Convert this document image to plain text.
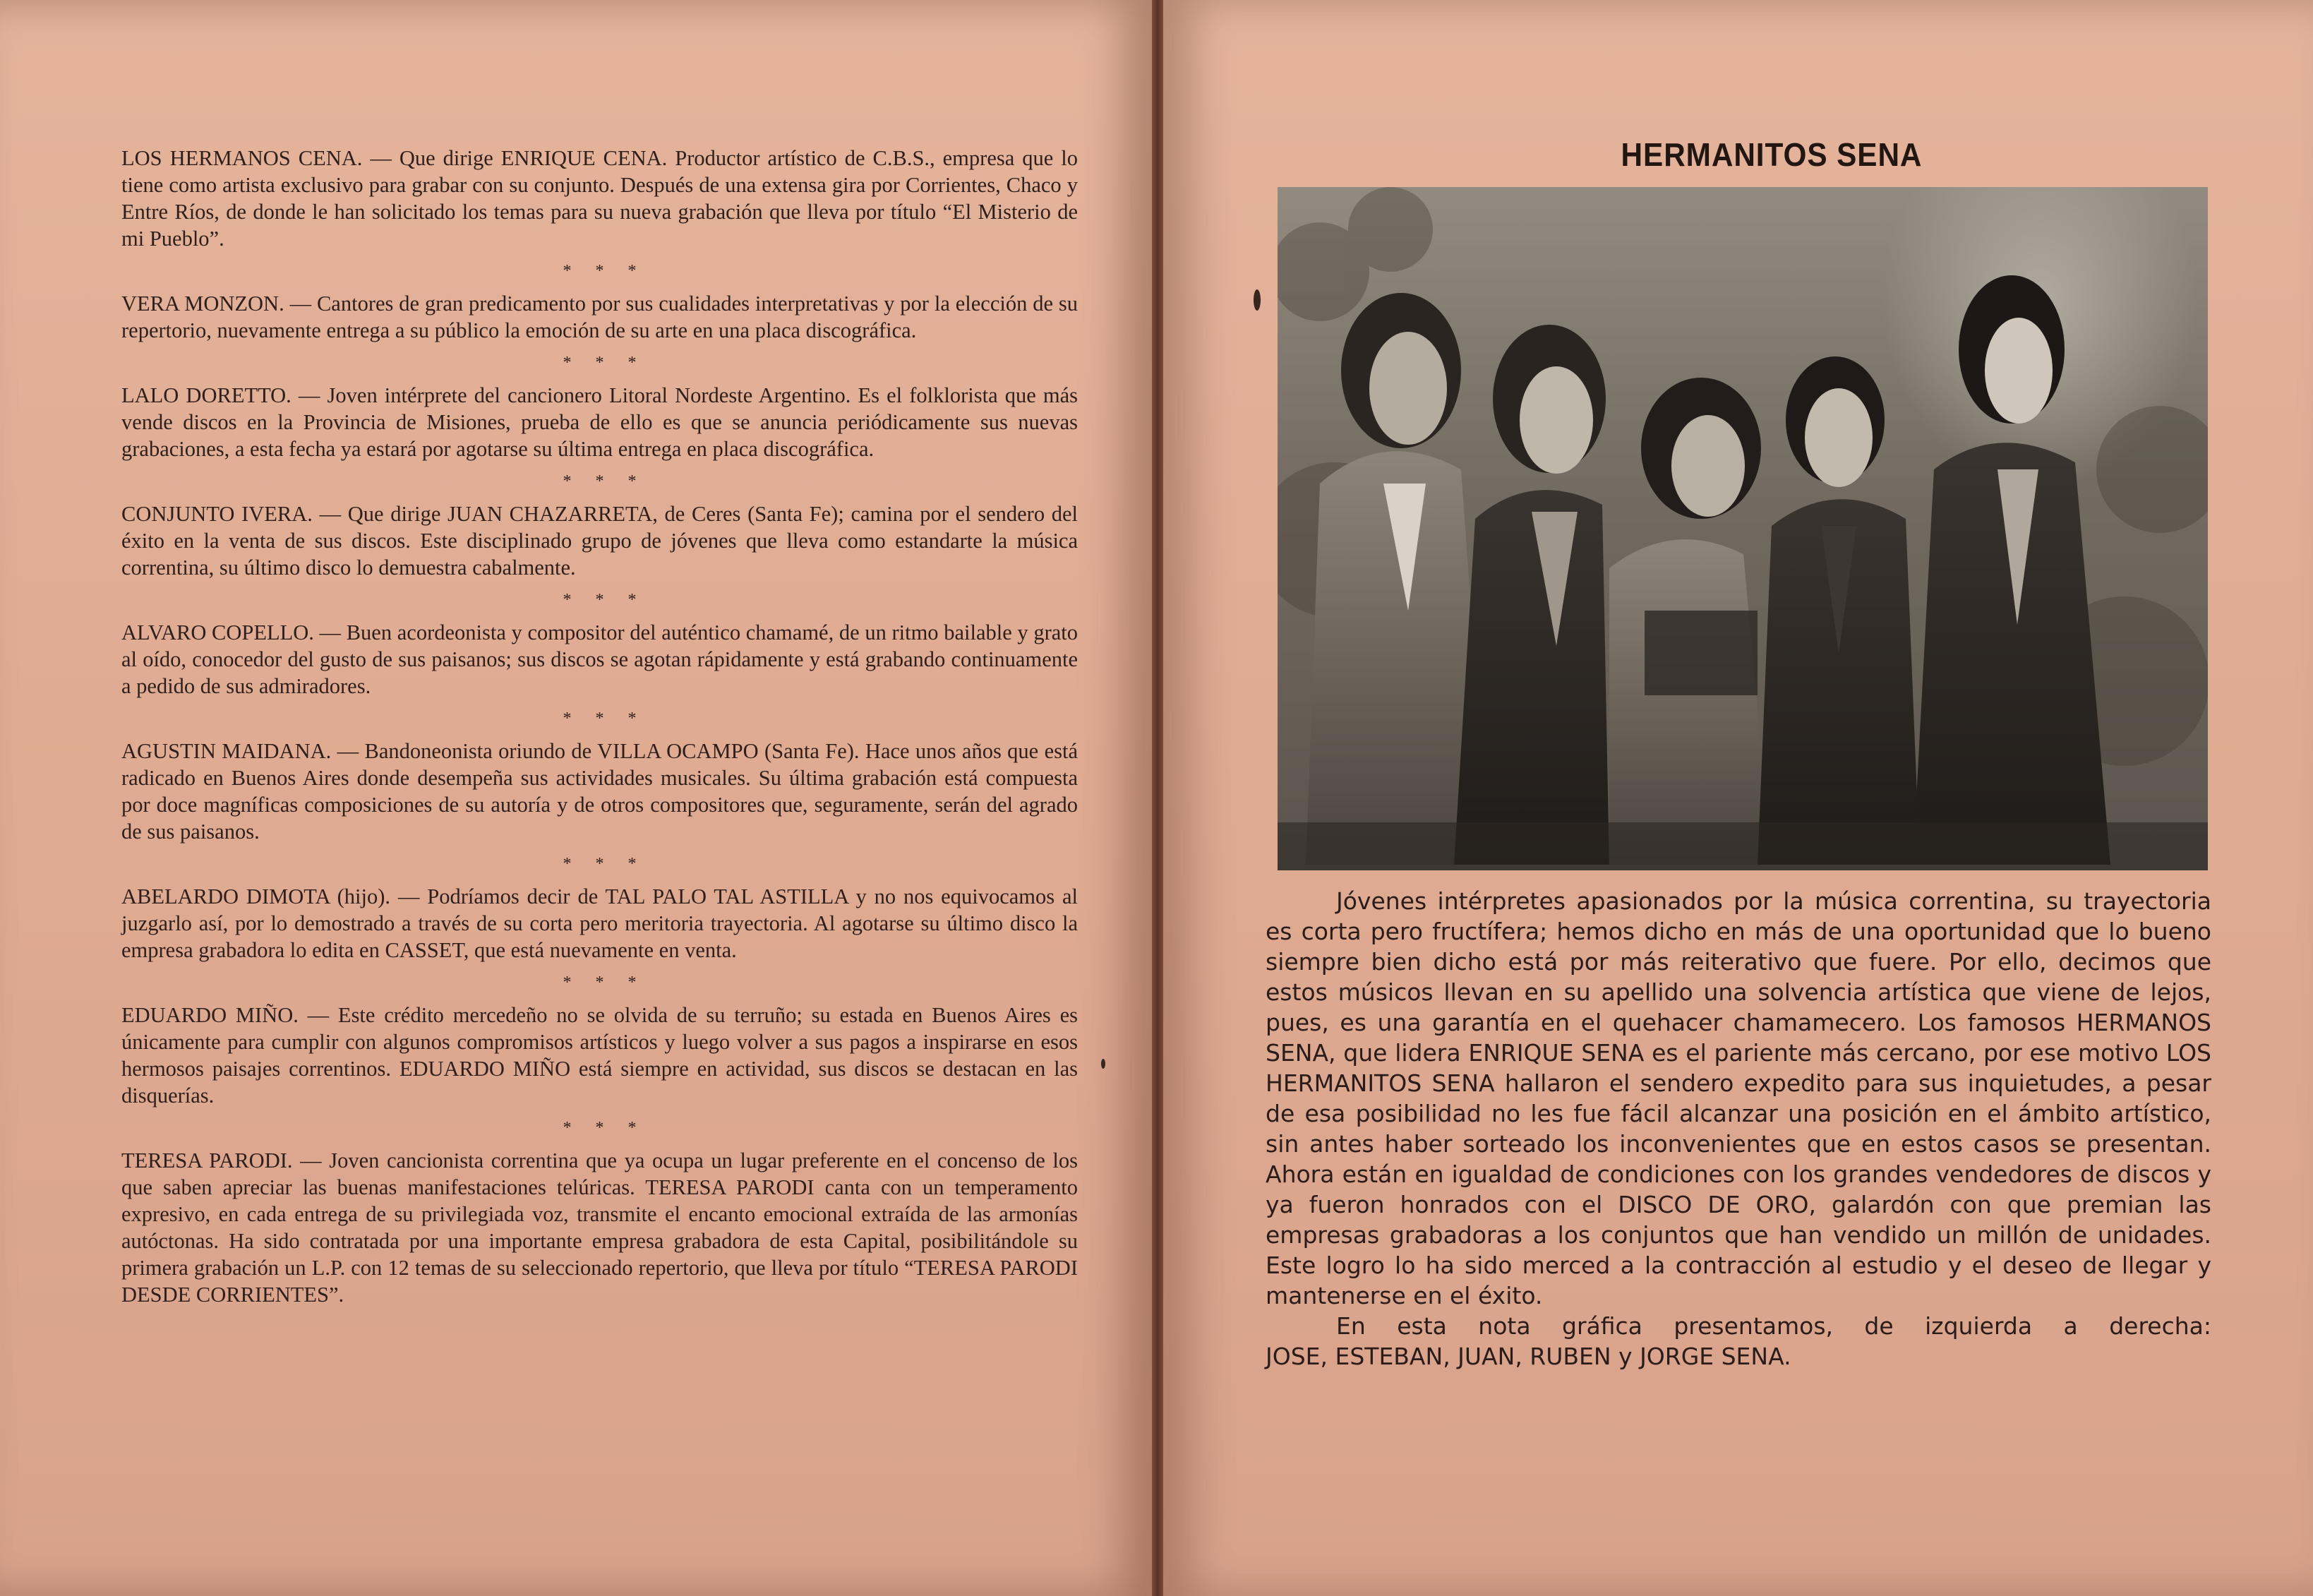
LOS HERMANOS CENA. — Que dirige ENRIQUE CENA. Productor artístico de C.B.S., empresa que lo tiene como artista exclusivo para grabar con su conjunto. Después de una extensa gira por Corrientes, Chaco y Entre Ríos, de donde le han solicitado los temas para su nueva grabación que lleva por título “El Misterio de mi Pueblo”.

* * *

VERA MONZON. — Cantores de gran predicamento por sus cualidades interpretativas y por la elección de su repertorio, nuevamente entrega a su público la emoción de su arte en una placa discográfica.

* * *

LALO DORETTO. — Joven intérprete del cancionero Litoral Nordeste Argentino. Es el folklorista que más vende discos en la Provincia de Misiones, prueba de ello es que se anuncia periódicamente sus nuevas grabaciones, a esta fecha ya estará por agotarse su última entrega en placa discográfica.

* * *

CONJUNTO IVERA. — Que dirige JUAN CHAZARRETA, de Ceres (Santa Fe); camina por el sendero del éxito en la venta de sus discos. Este disciplinado grupo de jóvenes que lleva como estandarte la música correntina, su último disco lo demuestra cabalmente.

* * *

ALVARO COPELLO. — Buen acordeonista y compositor del auténtico chamamé, de un ritmo bailable y grato al oído, conocedor del gusto de sus paisanos; sus discos se agotan rápidamente y está grabando continuamente a pedido de sus admiradores.

* * *

AGUSTIN MAIDANA. — Bandoneonista oriundo de VILLA OCAMPO (Santa Fe). Hace unos años que está radicado en Buenos Aires donde desempeña sus actividades musicales. Su última grabación está compuesta por doce magníficas composiciones de su autoría y de otros compositores que, seguramente, serán del agrado de sus paisanos.

* * *

ABELARDO DIMOTA (hijo). — Podríamos decir de TAL PALO TAL ASTILLA y no nos equivocamos al juzgarlo así, por lo demostrado a través de su corta pero meritoria trayectoria. Al agotarse su último disco la empresa grabadora lo edita en CASSET, que está nuevamente en venta.

* * *

EDUARDO MIÑO. — Este crédito mercedeño no se olvida de su terruño; su estada en Buenos Aires es únicamente para cumplir con algunos compromisos artísticos y luego volver a sus pagos a inspirarse en esos hermosos paisajes correntinos. EDUARDO MIÑO está siempre en actividad, sus discos se destacan en las disquerías.

* * *

TERESA PARODI. — Joven cancionista correntina que ya ocupa un lugar preferente en el concenso de los que saben apreciar las buenas manifestaciones telúricas. TERESA PARODI canta con un temperamento expresivo, en cada entrega de su privilegiada voz, transmite el encanto emocional extraída de las armonías autóctonas. Ha sido contratada por una importante empresa grabadora de esta Capital, posibilitándole su primera grabación un L.P. con 12 temas de su seleccionado repertorio, que lleva por título “TERESA PARODI DESDE CORRIENTES”.

HERMANITOS SENA

Jóvenes intérpretes apasionados por la música correntina, su trayectoria es corta pero fructífera; hemos dicho en más de una oportunidad que lo bueno siempre bien dicho está por más reiterativo que fuere. Por ello, decimos que estos músicos llevan en su apellido una solvencia artística que viene de lejos, pues, es una garantía en el quehacer chamamecero. Los famosos HERMANOS SENA, que lidera ENRIQUE SENA es el pariente más cercano, por ese motivo LOS HERMANITOS SENA hallaron el sendero expedito para sus inquietudes, a pesar de esa posibilidad no les fue fácil alcanzar una posición en el ámbito artístico, sin antes haber sorteado los inconvenientes que en estos casos se presentan. Ahora están en igualdad de condiciones con los grandes vendedores de discos y ya fueron honrados con el DISCO DE ORO, galardón con que premian las empresas grabadoras a los conjuntos que han vendido un millón de unidades. Este logro lo ha sido merced a la contracción al estudio y el deseo de llegar y mantenerse en el éxito.

En esta nota gráfica presentamos, de izquierda a derecha:

JOSE, ESTEBAN, JUAN, RUBEN y JORGE SENA.
